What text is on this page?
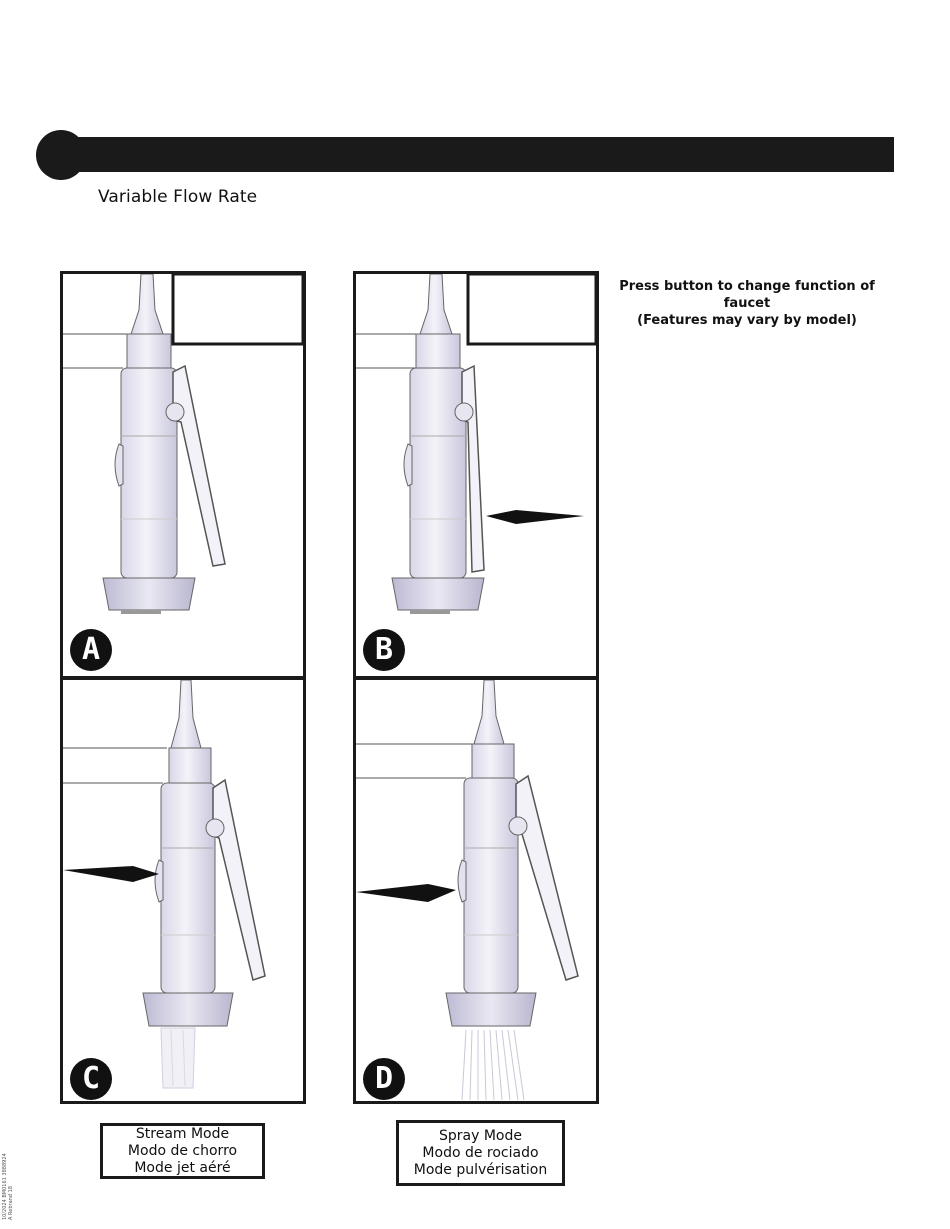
Variable Flow Rate
Press button to change function of faucet
(Features may vary by model)
A	B
C	D
Stream Mode
Modo de chorro
Mode jet aéré
Spray Mode
Modo de rociado
Mode pulvérisation
10/2024 BM0161 3888924 A Rebrand 18
